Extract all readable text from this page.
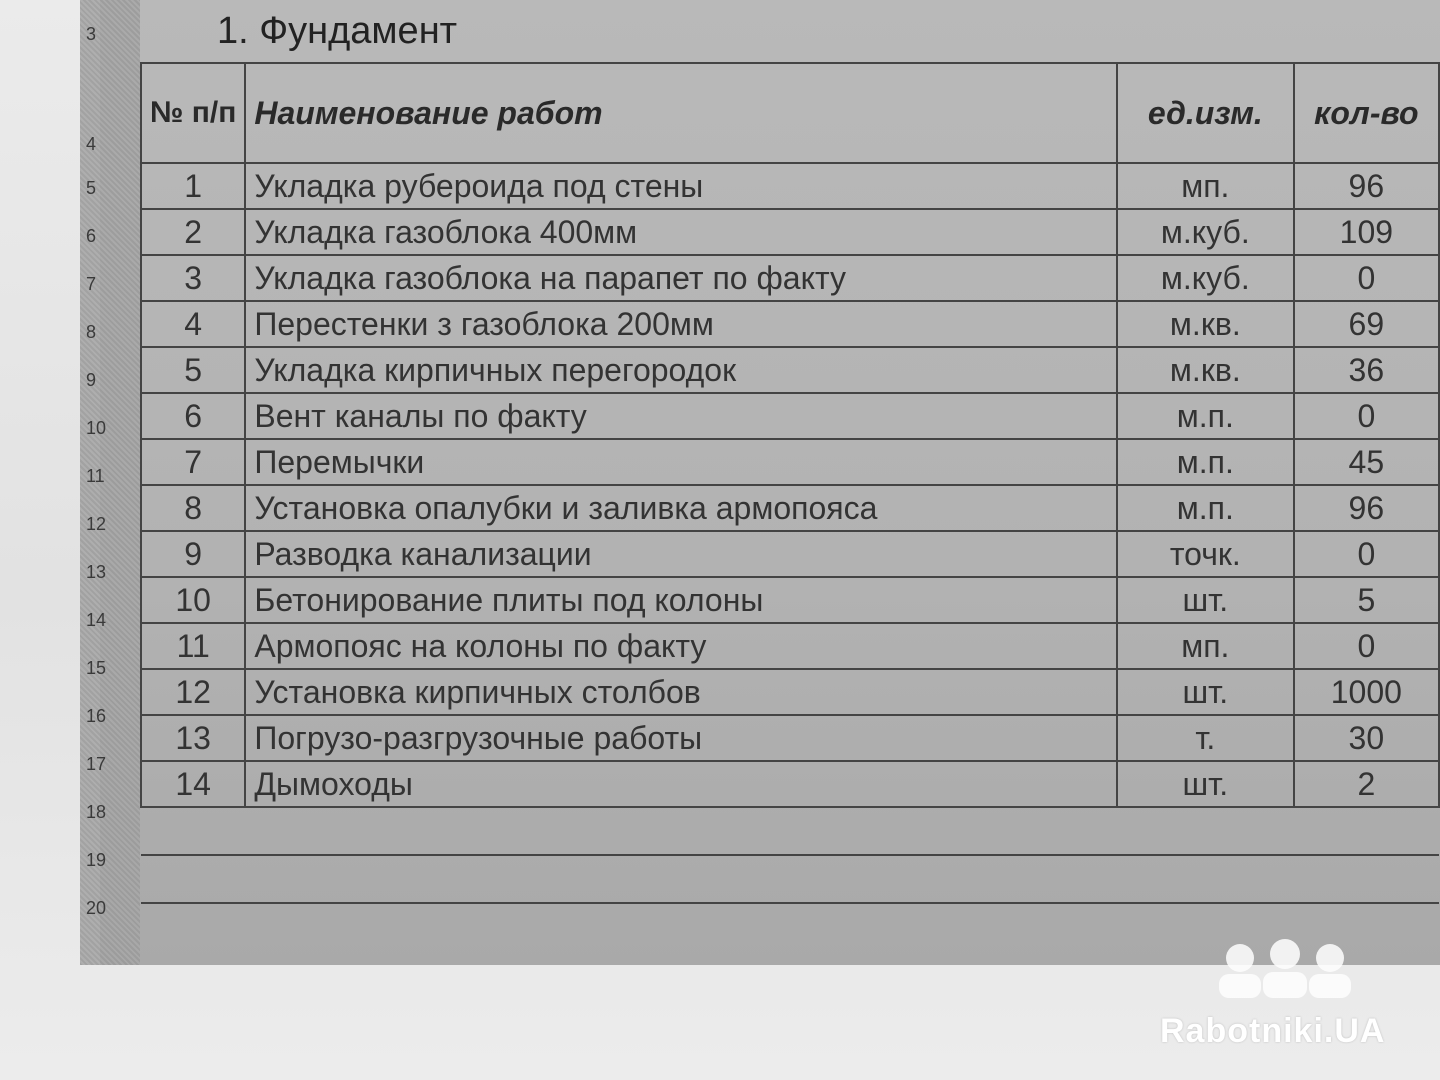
3
4
5
6
7
8
9
10
11
12
13
14
15
16
17
18
19
20
1. Фундамент			
№ п/п	Наименование работ	ед.изм.	кол-во
1	Укладка рубероида под стены	мп.	96
2	Укладка газоблока 400мм	м.куб.	109
3	Укладка газоблока на парапет по факту	м.куб.	0
4	Перестенки з газоблока 200мм	м.кв.	69
5	Укладка кирпичных перегородок	м.кв.	36
6	Вент каналы по факту	м.п.	0
7	Перемычки	м.п.	45
8	Установка опалубки и заливка армопояса	м.п.	96
9	Разводка канализации	точк.	0
10	Бетонирование плиты под колоны	шт.	5
11	Армопояс на колоны по факту	мп.	0
12	Установка кирпичных столбов	шт.	1000
13	Погрузо-разгрузочные работы	т.	30
14	Дымоходы	шт.	2

Rabotniki.UA
